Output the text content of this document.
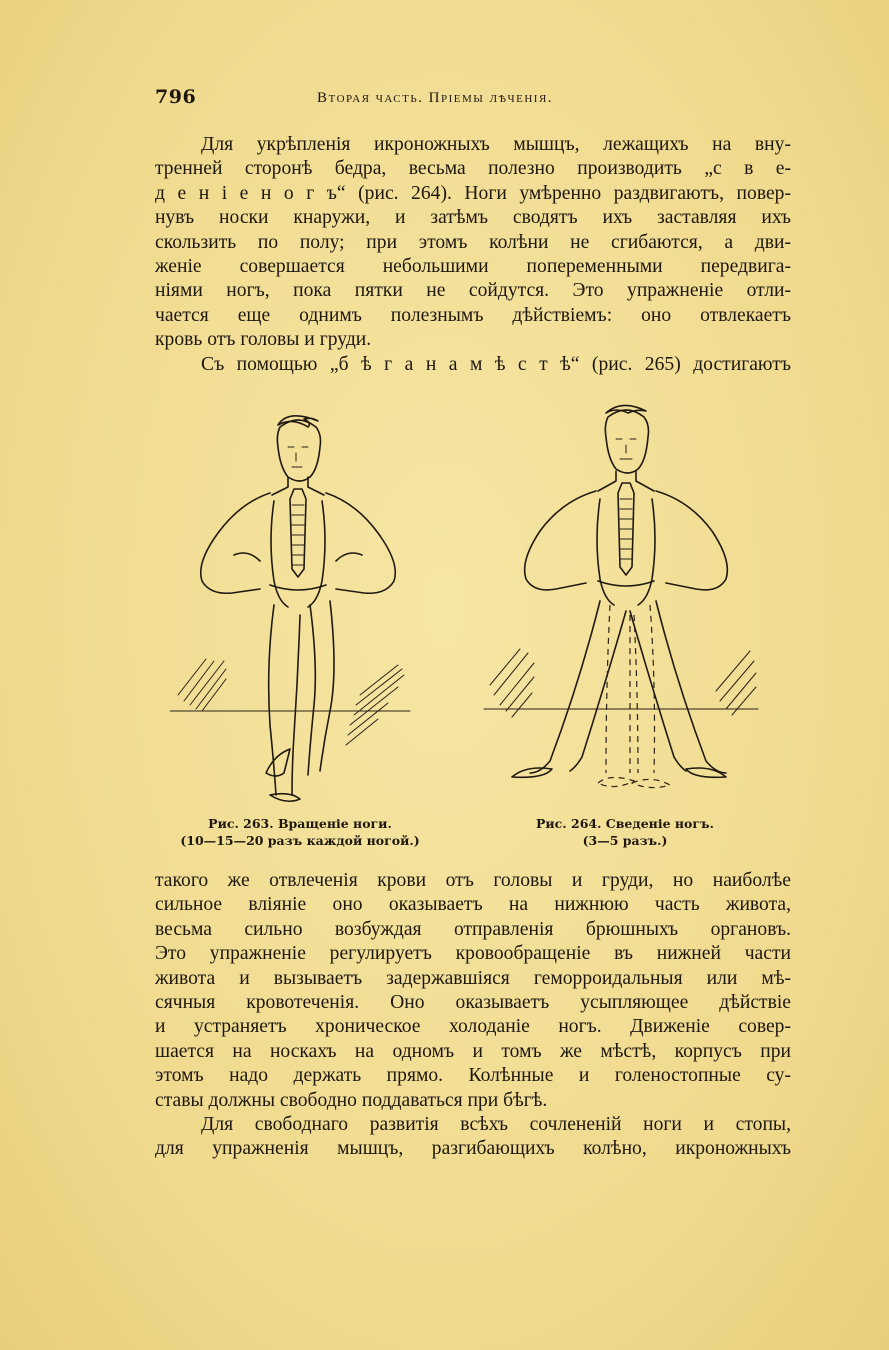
796	Вторая часть. Пріемы лѣченія.
Для укрѣпленія икроножныхъ мышцъ, лежащихъ на вну-
тренней сторонѣ бедра, весьма полезно производить „с в е-
д е н і е н о г ъ“ (рис. 264). Ноги умѣренно раздвигаютъ, повер-
нувъ носки кнаружи, и затѣмъ сводятъ ихъ заставляя ихъ
скользить по полу; при этомъ колѣни не сгибаются, а дви-
женіе совершается небольшими попеременными передвига-
ніями ногъ, пока пятки не сойдутся. Это упражненіе отли-
чается еще однимъ полезнымъ дѣйствіемъ: оно отвлекаетъ
кровь отъ головы и груди.
Съ помощью „б ѣ г а н а м ѣ с т ѣ“ (рис. 265) достигаютъ
Рис. 263. Вращеніе ноги.
(10—15—20 разъ каждой ногой.)
Рис. 264. Сведеніе ногъ.
(3—5 разъ.)
такого же отвлеченія крови отъ головы и груди, но наиболѣе
сильное вліяніе оно оказываетъ на нижнюю часть живота,
весьма сильно возбуждая отправленія брюшныхъ органовъ.
Это упражненіе регулируетъ кровообращеніе въ нижней части
живота и вызываетъ задержавшіяся геморроидальныя или мѣ-
сячныя кровотеченія. Оно оказываетъ усыпляющее дѣйствіе
и устраняетъ хроническое холоданіе ногъ. Движеніе совер-
шается на носкахъ на одномъ и томъ же мѣстѣ, корпусъ при
этомъ надо держать прямо. Колѣнные и голеностопные су-
ставы должны свободно поддаваться при бѣгѣ.
Для свободнаго развитія всѣхъ сочлененій ноги и стопы,
для упражненія мышцъ, разгибающихъ колѣно, икроножныхъ
